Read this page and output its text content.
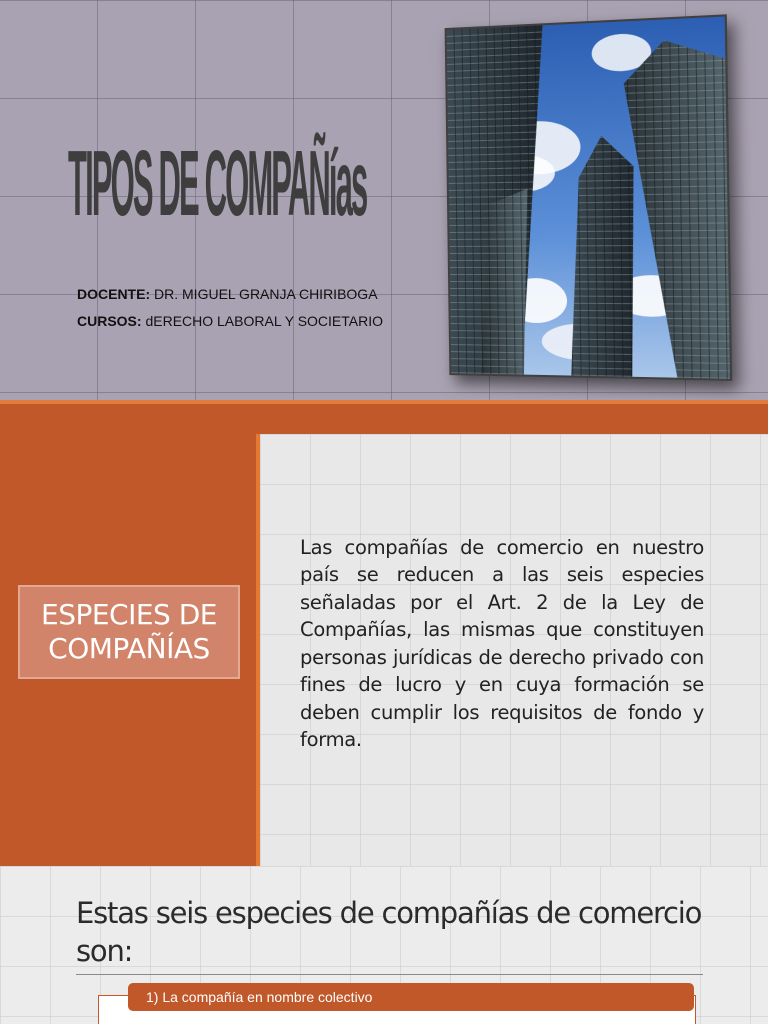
TIPOS DE COMPAÑías
DOCENTE: DR. MIGUEL GRANJA CHIRIBOGA
CURSOS: dERECHO LABORAL Y SOCIETARIO
ESPECIES DE COMPAÑÍAS

Las compañías de comercio en nuestro país se reducen a las seis especies señaladas por el Art. 2 de la Ley de Compañías, las mismas que constituyen personas jurídicas de derecho privado con fines de lucro y en cuya formación se deben cumplir los requisitos de fondo y forma.

Estas seis especies de compañías de comercio son:
1) La compañía en nombre colectivo
